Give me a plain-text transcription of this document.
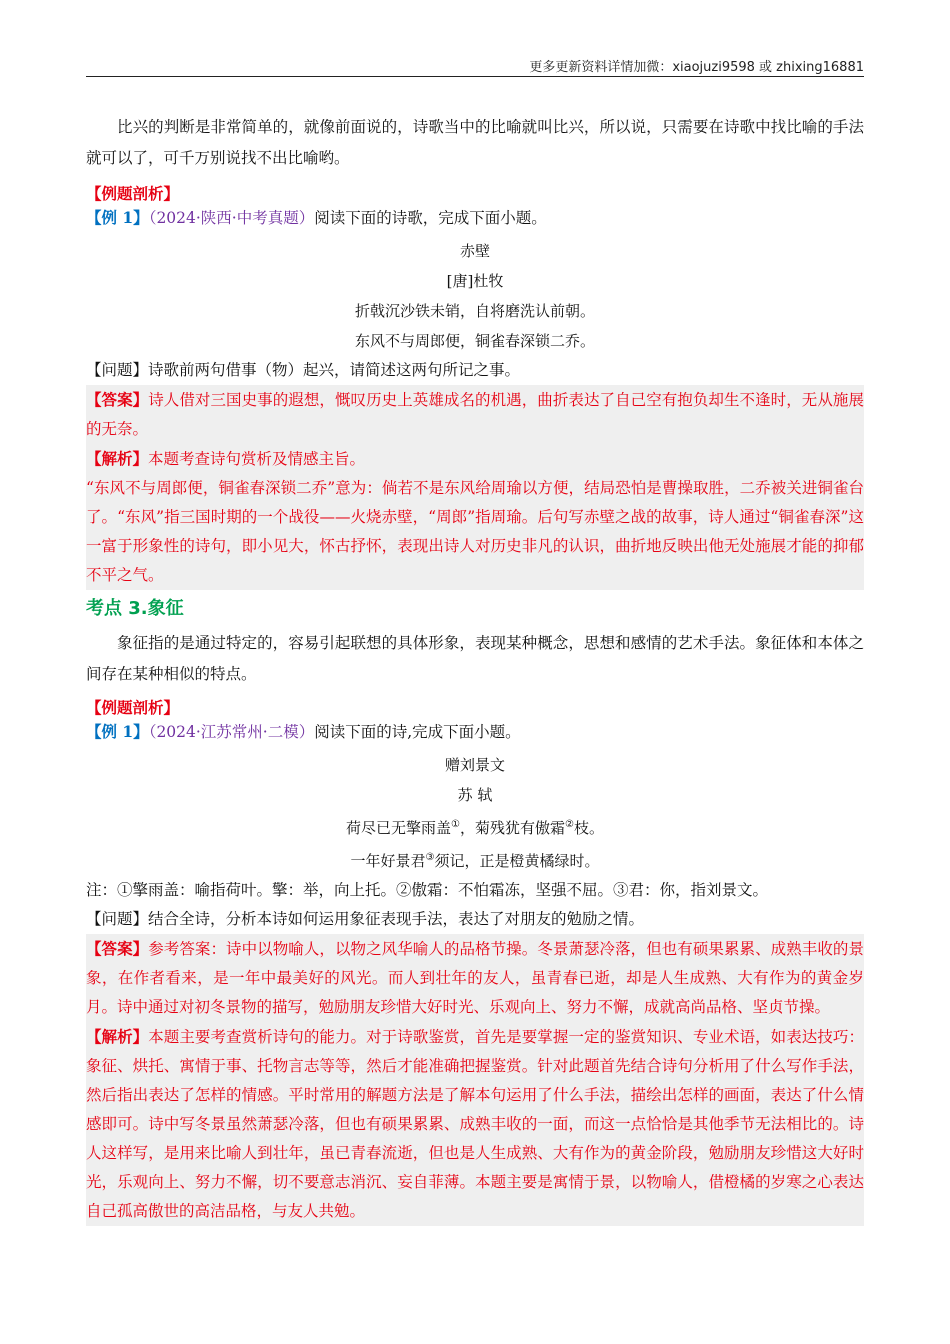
更多更新资料详情加微：xiaojuzi9598 或 zhixing16881

比兴的判断是非常简单的，就像前面说的，诗歌当中的比喻就叫比兴，所以说，只需要在诗歌中找比喻的手法就可以了，可千万别说找不出比喻哟。

【例题剖析】

【例 1】（2024·陕西·中考真题）阅读下面的诗歌，完成下面小题。

赤壁

[唐]杜牧

折戟沉沙铁未销，自将磨洗认前朝。

东风不与周郎便，铜雀春深锁二乔。

【问题】诗歌前两句借事（物）起兴，请简述这两句所记之事。

【答案】诗人借对三国史事的遐想，慨叹历史上英雄成名的机遇，曲折表达了自己空有抱负却生不逢时，无从施展的无奈。

【解析】本题考查诗句赏析及情感主旨。

“东风不与周郎便，铜雀春深锁二乔”意为：倘若不是东风给周瑜以方便，结局恐怕是曹操取胜，二乔被关进铜雀台了。“东风”指三国时期的一个战役——火烧赤壁，“周郎”指周瑜。后句写赤壁之战的故事，诗人通过“铜雀春深”这一富于形象性的诗句，即小见大，怀古抒怀，表现出诗人对历史非凡的认识，曲折地反映出他无处施展才能的抑郁不平之气。

考点 3.象征

象征指的是通过特定的，容易引起联想的具体形象，表现某种概念，思想和感情的艺术手法。象征体和本体之间存在某种相似的特点。

【例题剖析】

【例 1】（2024·江苏常州·二模）阅读下面的诗,完成下面小题。

赠刘景文

苏 轼

荷尽已无擎雨盖①，菊残犹有傲霜②枝。

一年好景君③须记，正是橙黄橘绿时。

注：①擎雨盖：喻指荷叶。擎：举，向上托。②傲霜：不怕霜冻，坚强不屈。③君：你，指刘景文。

【问题】结合全诗，分析本诗如何运用象征表现手法，表达了对朋友的勉励之情。

【答案】参考答案：诗中以物喻人，以物之风华喻人的品格节操。冬景萧瑟冷落，但也有硕果累累、成熟丰收的景象，在作者看来，是一年中最美好的风光。而人到壮年的友人，虽青春已逝，却是人生成熟、大有作为的黄金岁月。诗中通过对初冬景物的描写，勉励朋友珍惜大好时光、乐观向上、努力不懈，成就高尚品格、坚贞节操。

【解析】本题主要考查赏析诗句的能力。对于诗歌鉴赏，首先是要掌握一定的鉴赏知识、专业术语，如表达技巧：象征、烘托、寓情于事、托物言志等等，然后才能准确把握鉴赏。针对此题首先结合诗句分析用了什么写作手法，然后指出表达了怎样的情感。平时常用的解题方法是了解本句运用了什么手法，描绘出怎样的画面，表达了什么情感即可。诗中写冬景虽然萧瑟冷落，但也有硕果累累、成熟丰收的一面，而这一点恰恰是其他季节无法相比的。诗人这样写，是用来比喻人到壮年，虽已青春流逝，但也是人生成熟、大有作为的黄金阶段，勉励朋友珍惜这大好时光，乐观向上、努力不懈，切不要意志消沉、妄自菲薄。本题主要是寓情于景，以物喻人，借橙橘的岁寒之心表达自己孤高傲世的高洁品格，与友人共勉。
